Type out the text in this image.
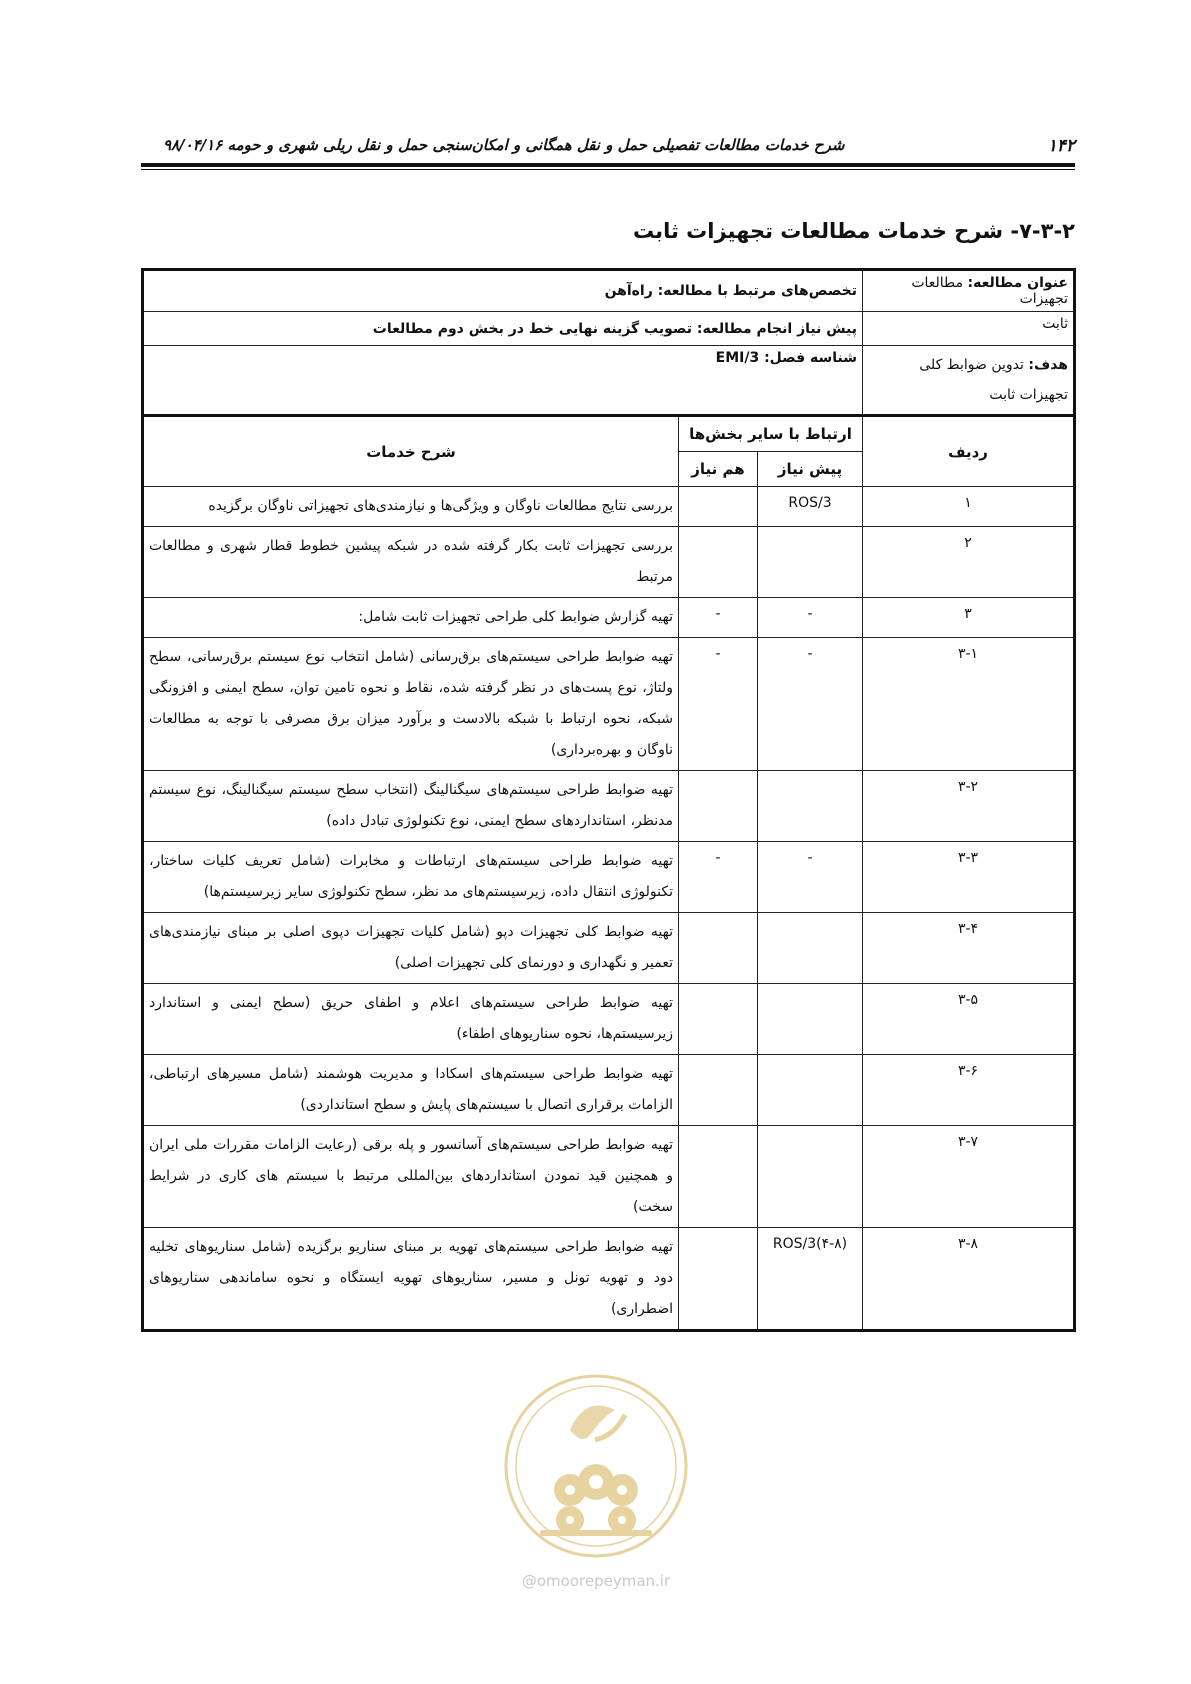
۱۴۲
شرح خدمات مطالعات تفصیلی حمل و نقل همگانی و امکان‌سنجی حمل و نقل ریلی شهری و حومه ۹۸/۰۴/۱۶
۷-۳-۲- شرح خدمات مطالعات تجهیزات ثابت
عنوان مطالعه: مطالعات تجهیزات	تخصص‌های مرتبط با مطالعه: راه‌آهن		
ثابت	پیش نیاز انجام مطالعه: تصویب گزینه نهایی خط در بخش دوم مطالعات		
هدف: تدوین ضوابط کلی
تجهیزات ثابت	شناسه فصل: EMI/3		
ردیف	ارتباط با سایر بخش‌ها		شرح خدمات
	پیش نیاز	هم نیاز	
۱	ROS/3		بررسی نتایج مطالعات ناوگان و ویژگی‌ها و نیازمندی‌های تجهیزاتی ناوگان برگزیده
۲			بررسی تجهیزات ثابت بکار گرفته شده در شبکه پیشین خطوط قطار شهری و مطالعات مرتبط
۳	-	-	تهیه گزارش ضوابط کلی طراحی تجهیزات ثابت شامل:
۳-۱	-	-	تهیه ضوابط طراحی سیستم‌های برق‌رسانی (شامل انتخاب نوع سیستم برق‌رسانی، سطح ولتاژ، نوع پست‌های در نظر گرفته شده، نقاط و نحوه تامین توان، سطح ایمنی و افزونگی شبکه، نحوه ارتباط با شبکه بالادست و برآورد میزان برق مصرفی با توجه به مطالعات ناوگان و بهره‌برداری)
۳-۲			تهیه ضوابط طراحی سیستم‌های سیگنالینگ (انتخاب سطح سیستم سیگنالینگ، نوع سیستم مدنظر، استانداردهای سطح ایمنی، نوع تکنولوژی تبادل داده)
۳-۳	-	-	تهیه ضوابط طراحی سیستم‌های ارتباطات و مخابرات (شامل تعریف کلیات ساختار، تکنولوژی انتقال داده، زیرسیستم‌های مد نظر، سطح تکنولوژی سایر زیرسیستم‌ها)
۳-۴			تهیه ضوابط کلی تجهیزات دپو (شامل کلیات تجهیزات دپوی اصلی بر مبنای نیازمندی‌های تعمیر و نگهداری و دورنمای کلی تجهیزات اصلی)
۳-۵			تهیه ضوابط طراحی سیستم‌های اعلام و اطفای حریق (سطح ایمنی و استاندارد زیرسیستم‌ها، نحوه سناریوهای اطفاء)
۳-۶			تهیه ضوابط طراحی سیستم‌های اسکادا و مدیریت هوشمند (شامل مسیرهای ارتباطی، الزامات برقراری اتصال با سیستم‌های پایش و سطح استانداردی)
۳-۷			تهیه ضوابط طراحی سیستم‌های آسانسور و پله برقی (رعایت الزامات مقررات ملی ایران و همچنین قید نمودن استانداردهای بین‌المللی مرتبط با سیستم های کاری در شرایط سخت)
۳-۸	ROS/3(۴-۸)		تهیه ضوابط طراحی سیستم‌های تهویه بر مبنای سناریو برگزیده (شامل سناریوهای تخلیه دود و تهویه تونل و مسیر، سناریوهای تهویه ایستگاه و نحوه ساماندهی سناریوهای اضطراری)
@omoorepeyman.ir
